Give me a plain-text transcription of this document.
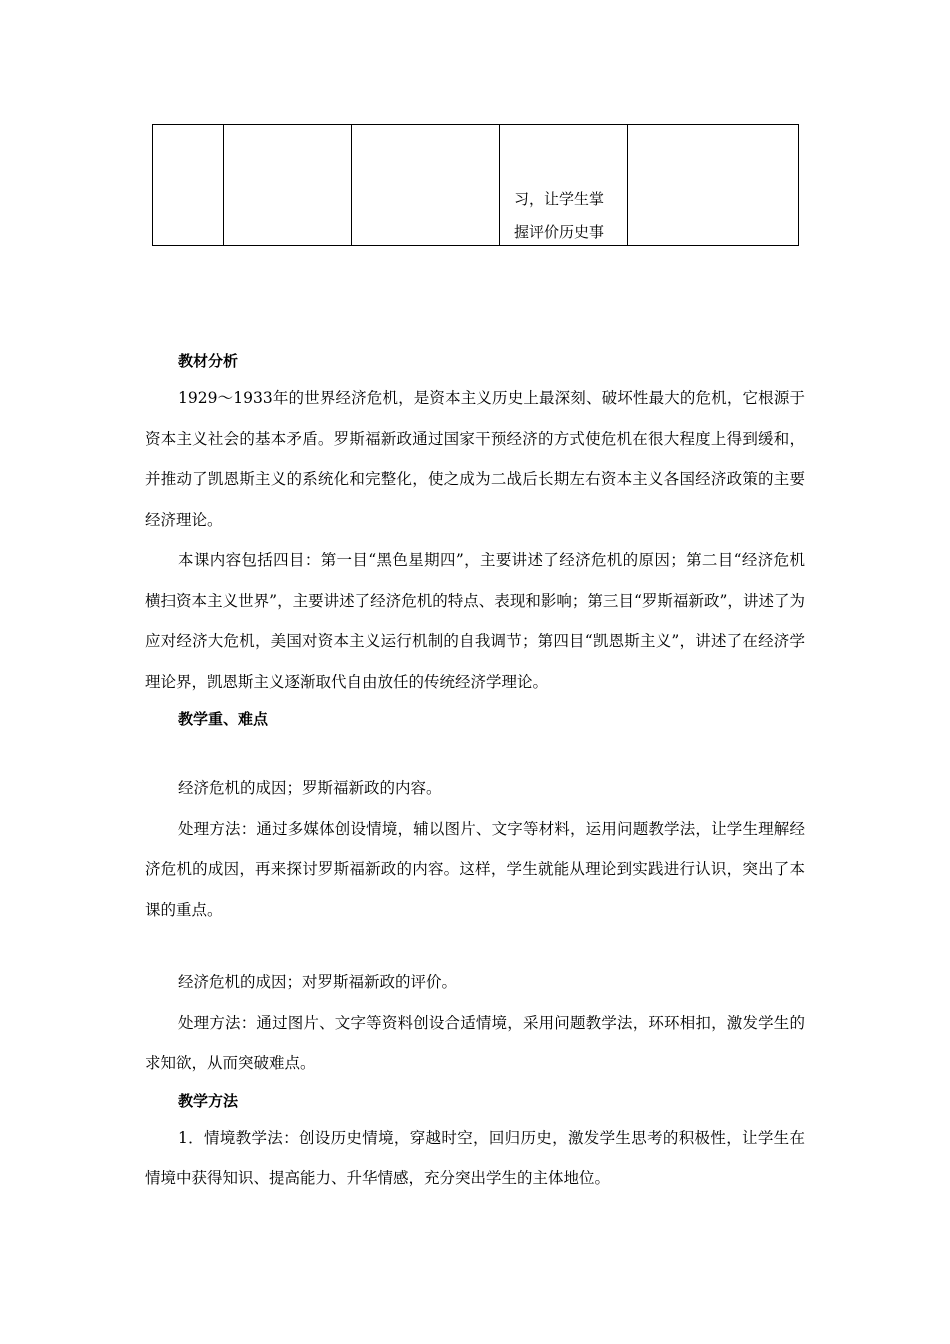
习，让学生掌
握评价历史事

教材分析

1929～1933年的世界经济危机，是资本主义历史上最深刻、破坏性最大的危机，它根源于资本主义社会的基本矛盾。罗斯福新政通过国家干预经济的方式使危机在很大程度上得到缓和，并推动了凯恩斯主义的系统化和完整化，使之成为二战后长期左右资本主义各国经济政策的主要经济理论。

本课内容包括四目：第一目“黑色星期四”，主要讲述了经济危机的原因；第二目“经济危机横扫资本主义世界”，主要讲述了经济危机的特点、表现和影响；第三目“罗斯福新政”，讲述了为应对经济大危机，美国对资本主义运行机制的自我调节；第四目“凯恩斯主义”，讲述了在经济学理论界，凯恩斯主义逐渐取代自由放任的传统经济学理论。

教学重、难点

经济危机的成因；罗斯福新政的内容。

处理方法：通过多媒体创设情境，辅以图片、文字等材料，运用问题教学法，让学生理解经济危机的成因，再来探讨罗斯福新政的内容。这样，学生就能从理论到实践进行认识，突出了本课的重点。

经济危机的成因；对罗斯福新政的评价。

处理方法：通过图片、文字等资料创设合适情境，采用问题教学法，环环相扣，激发学生的求知欲，从而突破难点。

教学方法

1．情境教学法：创设历史情境，穿越时空，回归历史，激发学生思考的积极性，让学生在情境中获得知识、提高能力、升华情感，充分突出学生的主体地位。
